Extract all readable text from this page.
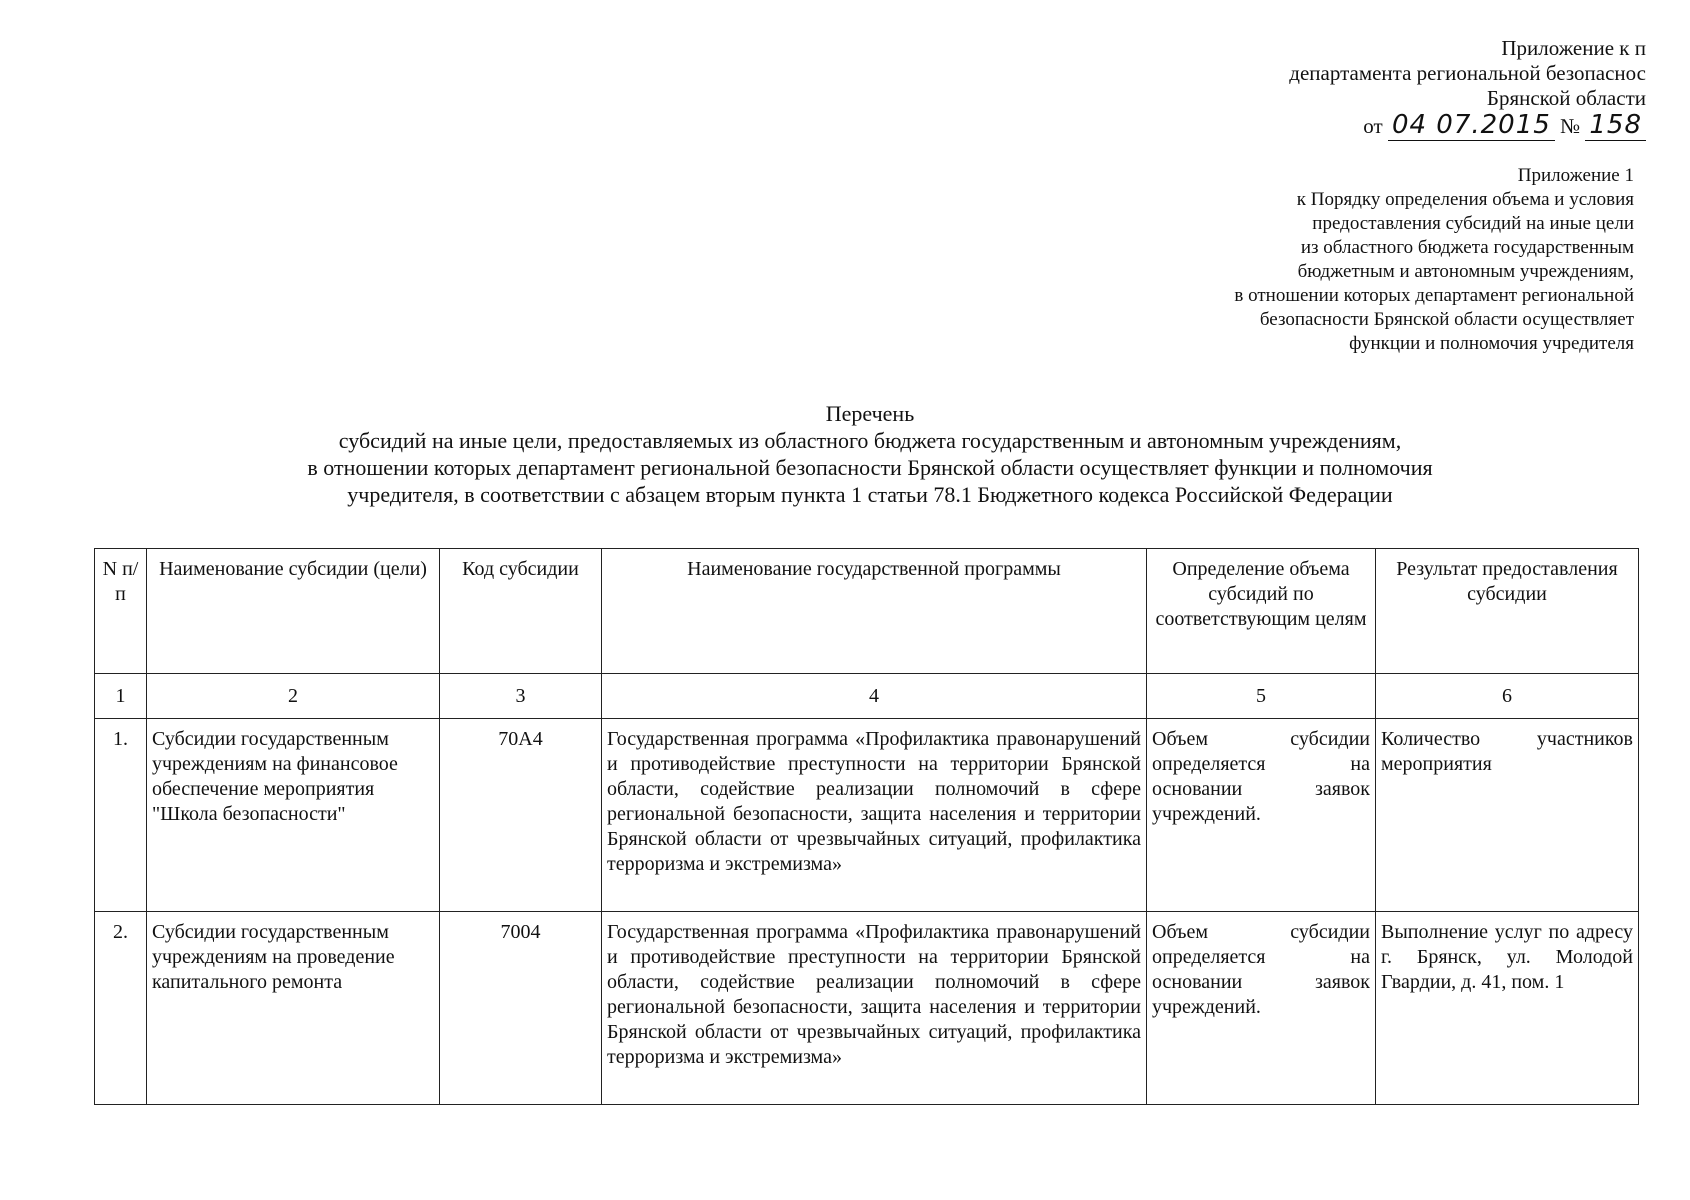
Приложение к п
департамента региональной безопаснос
Брянской области
от 04 07.2015 № 158
Приложение 1
к Порядку определения объема и условия
предоставления субсидий на иные цели
из областного бюджета государственным
бюджетным и автономным учреждениям,
в отношении которых департамент региональной
безопасности Брянской области осуществляет
функции и полномочия учредителя
Перечень
субсидий на иные цели, предоставляемых из областного бюджета государственным и автономным учреждениям,
в отношении которых департамент региональной безопасности Брянской области осуществляет функции и полномочия
учредителя, в соответствии с абзацем вторым пункта 1 статьи 78.1 Бюджетного кодекса Российской Федерации
N п/п	Наименование субсидии (цели)	Код субсидии	Наименование государственной программы	Определение объема субсидий по соответствующим целям	Результат предоставления субсидии
1	2	3	4	5	6
1.	Субсидии государственным учреждениям на финансовое обеспечение мероприятия "Школа безопасности"	70А4	Государственная программа «Профилактика правонарушений и противодействие преступности на территории Брянской области, содействие реализации полномочий в сфере региональной безопасности, защита населения и территории Брянской области от чрезвычайных ситуаций, профилактика терроризма и экстремизма»	Объем субсидии определяется на основании заявок учреждений.	Количество участников мероприятия
2.	Субсидии государственным учреждениям на проведение капитального ремонта	7004	Государственная программа «Профилактика правонарушений и противодействие преступности на территории Брянской области, содействие реализации полномочий в сфере региональной безопасности, защита населения и территории Брянской области от чрезвычайных ситуаций, профилактика терроризма и экстремизма»	Объем субсидии определяется на основании заявок учреждений.	Выполнение услуг по адресу г. Брянск, ул. Молодой Гвардии, д. 41, пом. 1
